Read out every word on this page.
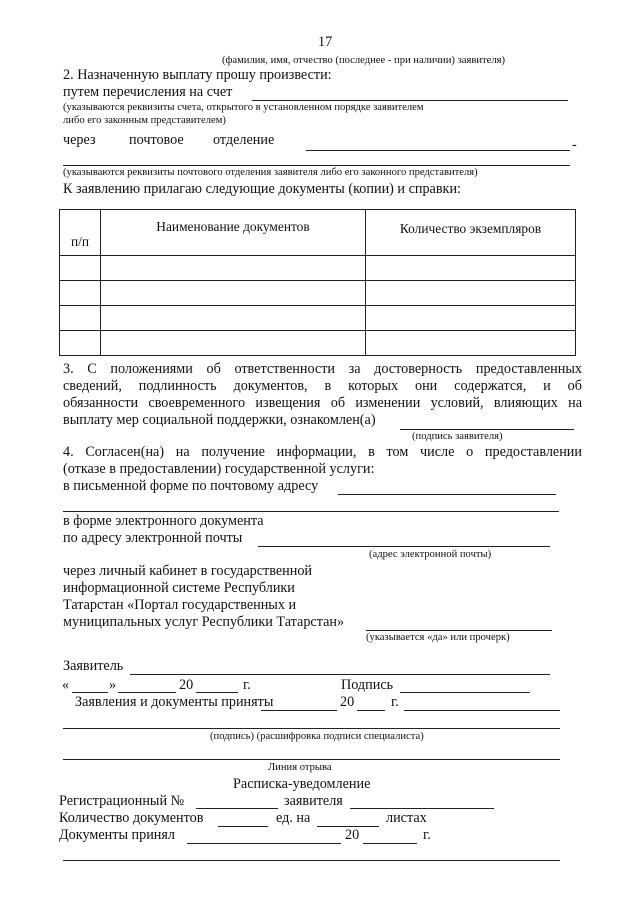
17
(фамилия, имя, отчество (последнее - при наличии) заявителя)
2. Назначенную выплату прошу произвести:
путем перечисления на счет
(указываются реквизиты счета, открытого в установленном порядке заявителем
либо его законным представителем)
через почтовое отделение	-
(указываются реквизиты почтового отделения заявителя либо его законного представителя)
К заявлению прилагаю следующие документы (копии) и справки:
п/п	Наименование документов	Количество экземпляров

3. С положениями об ответственности за достоверность предоставленных
сведений, подлинность документов, в которых они содержатся, и об
обязанности своевременного извещения об изменении условий, влияющих на
выплату мер социальной поддержки, ознакомлен(а)
(подпись заявителя)
4. Согласен(на) на получение информации, в том числе о предоставлении
(отказе в предоставлении) государственной услуги:
в письменной форме по почтовому адресу
в форме электронного документа
по адресу электронной почты
(адрес электронной почты)
через личный кабинет в государственной
информационной системе Республики
Татарстан «Портал государственных и
муниципальных услуг Республики Татарстан»
(указывается «да» или прочерк)
Заявитель
«	»	20	г.	Подпись
Заявления и документы приняты	20	г.
(подпись) (расшифровка подписи специалиста)
Линия отрыва
Расписка-уведомление
Регистрационный №	заявителя
Количество документов	ед. на	листах
Документы принял	20	г.
